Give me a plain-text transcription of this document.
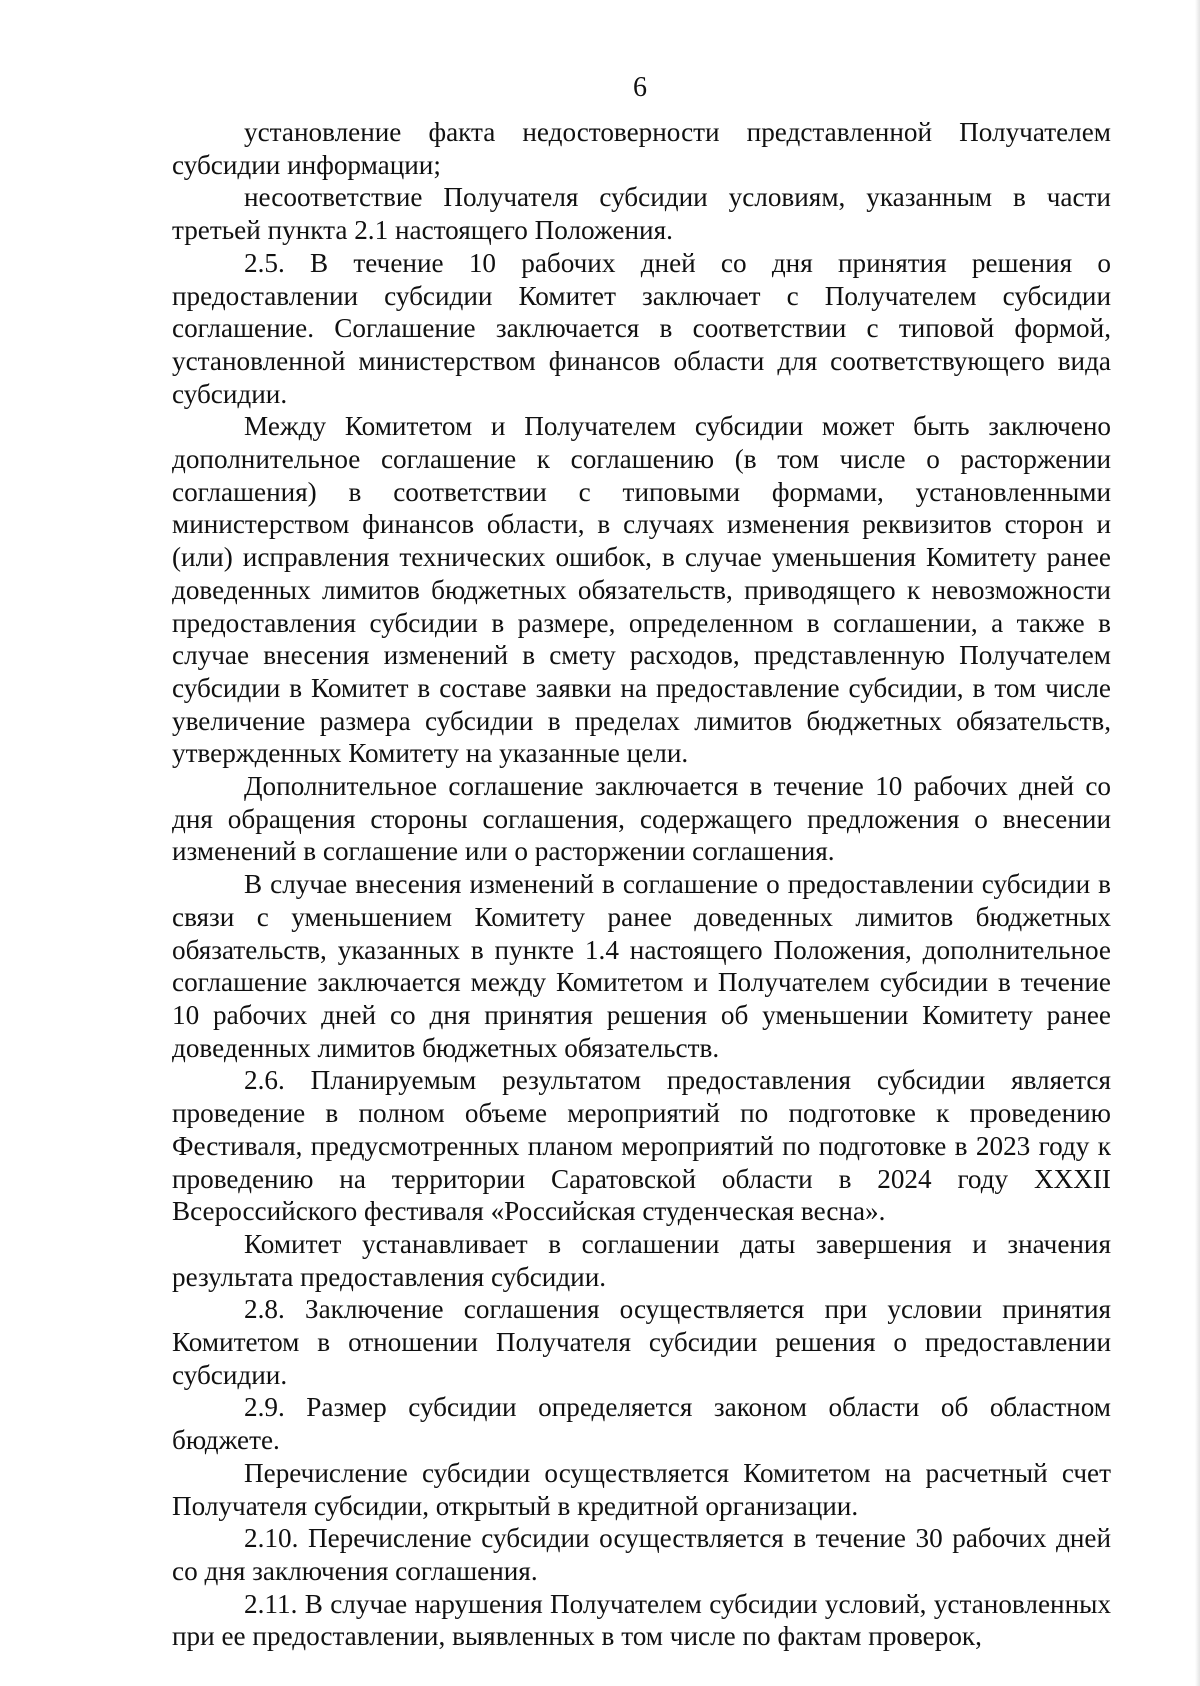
6

установление факта недостоверности представленной Получателем субсидии информации;

несоответствие Получателя субсидии условиям, указанным в части третьей пункта 2.1 настоящего Положения.

2.5. В течение 10 рабочих дней со дня принятия решения о предоставлении субсидии Комитет заключает с Получателем субсидии соглашение. Соглашение заключается в соответствии с типовой формой, установленной министерством финансов области для соответствующего вида субсидии.

Между Комитетом и Получателем субсидии может быть заключено дополнительное соглашение к соглашению (в том числе о расторжении соглашения) в соответствии с типовыми формами, установленными министерством финансов области, в случаях изменения реквизитов сторон и (или) исправления технических ошибок, в случае уменьшения Комитету ранее доведенных лимитов бюджетных обязательств, приводящего к невозможности предоставления субсидии в размере, определенном в соглашении, а также в случае внесения изменений в смету расходов, представленную Получателем субсидии в Комитет в составе заявки на предоставление субсидии, в том числе увеличение размера субсидии в пределах лимитов бюджетных обязательств, утвержденных Комитету на указанные цели.

Дополнительное соглашение заключается в течение 10 рабочих дней со дня обращения стороны соглашения, содержащего предложения о внесении изменений в соглашение или о расторжении соглашения.

В случае внесения изменений в соглашение о предоставлении субсидии в связи с уменьшением Комитету ранее доведенных лимитов бюджетных обязательств, указанных в пункте 1.4 настоящего Положения, дополнительное соглашение заключается между Комитетом и Получателем субсидии в течение 10 рабочих дней со дня принятия решения об уменьшении Комитету ранее доведенных лимитов бюджетных обязательств.

2.6. Планируемым результатом предоставления субсидии является проведение в полном объеме мероприятий по подготовке к проведению Фестиваля, предусмотренных планом мероприятий по подготовке в 2023 году к проведению на территории Саратовской области в 2024 году XXXII Всероссийского фестиваля «Российская студенческая весна».

Комитет устанавливает в соглашении даты завершения и значения результата предоставления субсидии.

2.8. Заключение соглашения осуществляется при условии принятия Комитетом в отношении Получателя субсидии решения о предоставлении субсидии.

2.9. Размер субсидии определяется законом области об областном бюджете.

Перечисление субсидии осуществляется Комитетом на расчетный счет Получателя субсидии, открытый в кредитной организации.

2.10. Перечисление субсидии осуществляется в течение 30 рабочих дней со дня заключения соглашения.

2.11. В случае нарушения Получателем субсидии условий, установленных при ее предоставлении, выявленных в том числе по фактам проверок,
